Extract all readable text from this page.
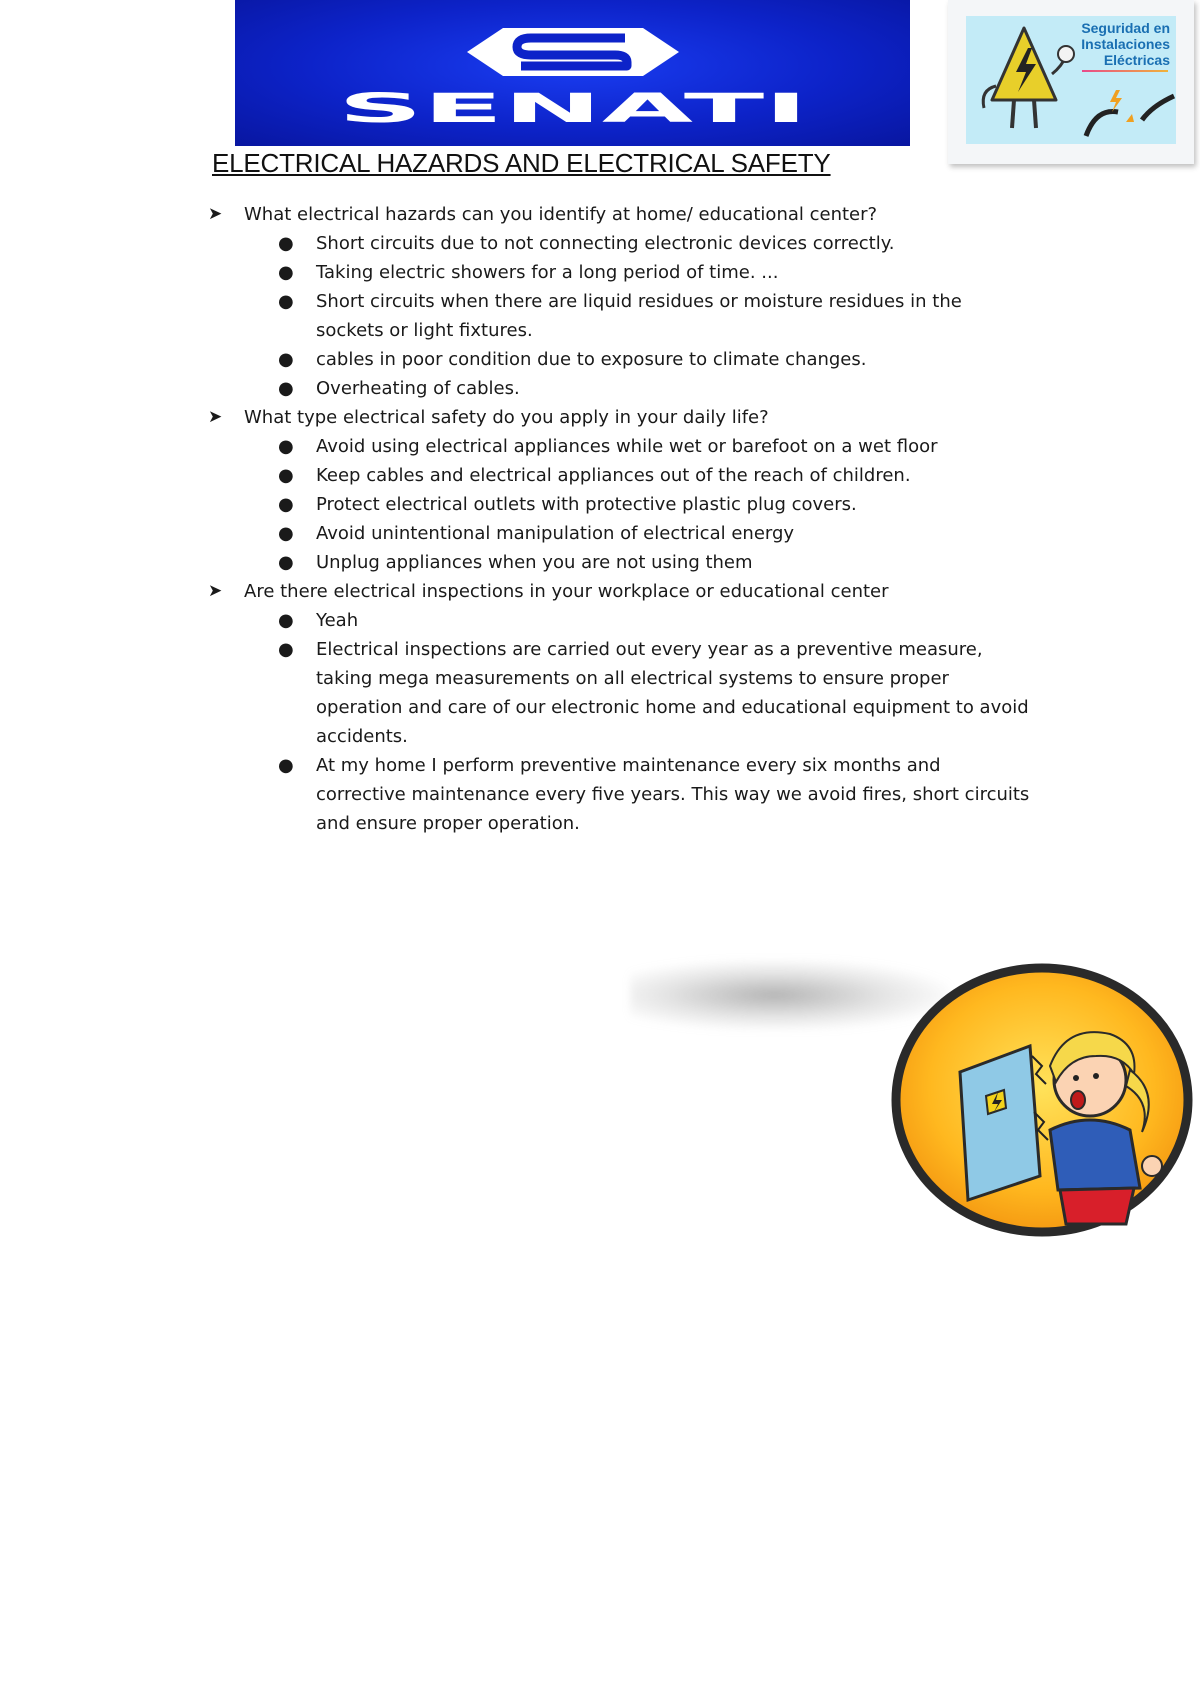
SENATI
Seguridad en
Instalaciones
Eléctricas
ELECTRICAL HAZARDS AND ELECTRICAL SAFETY
➤ What electrical hazards can you identify at home/ educational center?
● Short circuits due to not connecting electronic devices correctly.
● Taking electric showers for a long period of time. ...
● Short circuits when there are liquid residues or moisture residues in the sockets or light fixtures.
● cables in poor condition due to exposure to climate changes.
● Overheating of cables.
➤ What type electrical safety do you apply in your daily life?
● Avoid using electrical appliances while wet or barefoot on a wet floor
● Keep cables and electrical appliances out of the reach of children.
● Protect electrical outlets with protective plastic plug covers.
● Avoid unintentional manipulation of electrical energy
● Unplug appliances when you are not using them
➤ Are there electrical inspections in your workplace or educational center
● Yeah
● Electrical inspections are carried out every year as a preventive measure, taking mega measurements on all electrical systems to ensure proper operation and care of our electronic home and educational equipment to avoid accidents.
● At my home I perform preventive maintenance every six months and corrective maintenance every five years. This way we avoid fires, short circuits and ensure proper operation.
